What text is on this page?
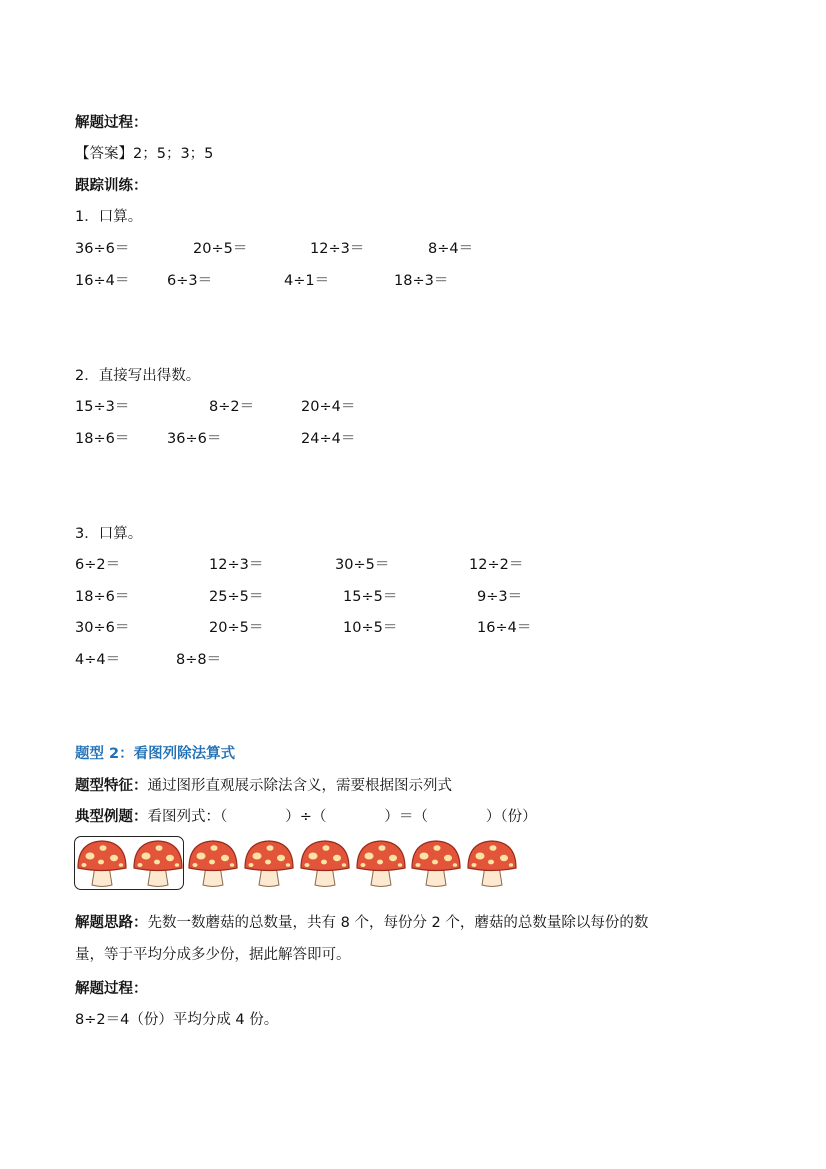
解题过程：
【答案】2；5；3；5
跟踪训练：
1．口算。
36÷6＝	20÷5＝	12÷3＝	8÷4＝
16÷4＝	6÷3＝	4÷1＝	18÷3＝
2．直接写出得数。
15÷3＝	8÷2＝	20÷4＝
18÷6＝	36÷6＝	24÷4＝
3．口算。
6÷2＝	12÷3＝	30÷5＝	12÷2＝
18÷6＝	25÷5＝	15÷5＝	9÷3＝
30÷6＝	20÷5＝	10÷5＝	16÷4＝
4÷4＝	8÷8＝
题型 2：看图列除法算式
题型特征：通过图形直观展示除法含义，需要根据图示列式
典型例题：看图列式：（　　　　）÷（　　　　）＝（　　　　）（份）
解题思路：先数一数蘑菇的总数量，共有 8 个，每份分 2 个，蘑菇的总数量除以每份的数
量，等于平均分成多少份，据此解答即可。
解题过程：
8÷2＝4（份）平均分成 4 份。
